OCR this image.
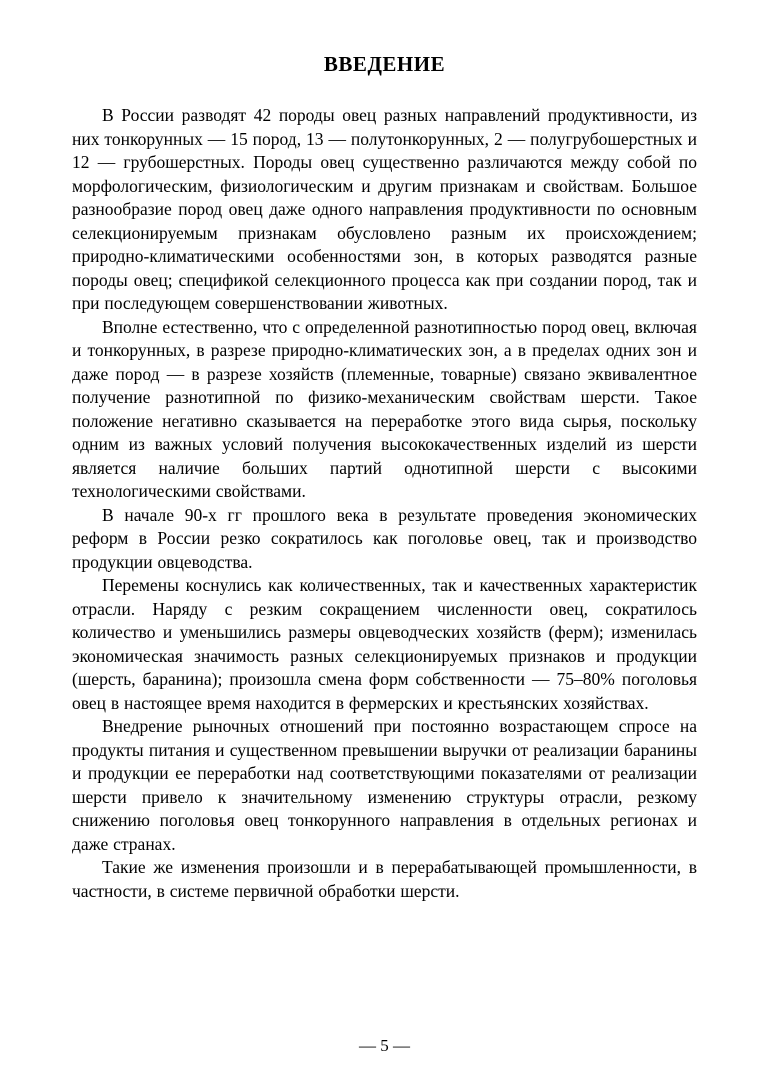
ВВЕДЕНИЕ

В России разводят 42 породы овец разных направлений продуктивности, из них тонкорунных — 15 пород, 13 — полутонкорунных, 2 — полугрубошерстных и 12 — грубошерстных. Породы овец существенно различаются между собой по морфологическим, физиологическим и другим признакам и свойствам. Большое разнообразие пород овец даже одного направления продуктивности по основным селекционируемым признакам обусловлено разным их происхождением; природно-климатическими особенностями зон, в которых разводятся разные породы овец; спецификой селекционного процесса как при создании пород, так и при последующем совершенствовании животных.

Вполне естественно, что с определенной разнотипностью пород овец, включая и тонкорунных, в разрезе природно-климатических зон, а в пределах одних зон и даже пород — в разрезе хозяйств (племенные, товарные) связано эквивалентное получение разнотипной по физико-механическим свойствам шерсти. Такое положение негативно сказывается на переработке этого вида сырья, поскольку одним из важных условий получения высококачественных изделий из шерсти является наличие больших партий однотипной шерсти с высокими технологическими свойствами.

В начале 90-х гг прошлого века в результате проведения экономических реформ в России резко сократилось как поголовье овец, так и производство продукции овцеводства.

Перемены коснулись как количественных, так и качественных характеристик отрасли. Наряду с резким сокращением численности овец, сократилось количество и уменьшились размеры овцеводческих хозяйств (ферм); изменилась экономическая значимость разных селекционируемых признаков и продукции (шерсть, баранина); произошла смена форм собственности — 75–80% поголовья овец в настоящее время находится в фермерских и крестьянских хозяйствах.

Внедрение рыночных отношений при постоянно возрастающем спросе на продукты питания и существенном превышении выручки от реализации баранины и продукции ее переработки над соответствующими показателями от реализации шерсти привело к значительному изменению структуры отрасли, резкому снижению поголовья овец тонкорунного направления в отдельных регионах и даже странах.

Такие же изменения произошли и в перерабатывающей промышленности, в частности, в системе первичной обработки шерсти.

— 5 —
